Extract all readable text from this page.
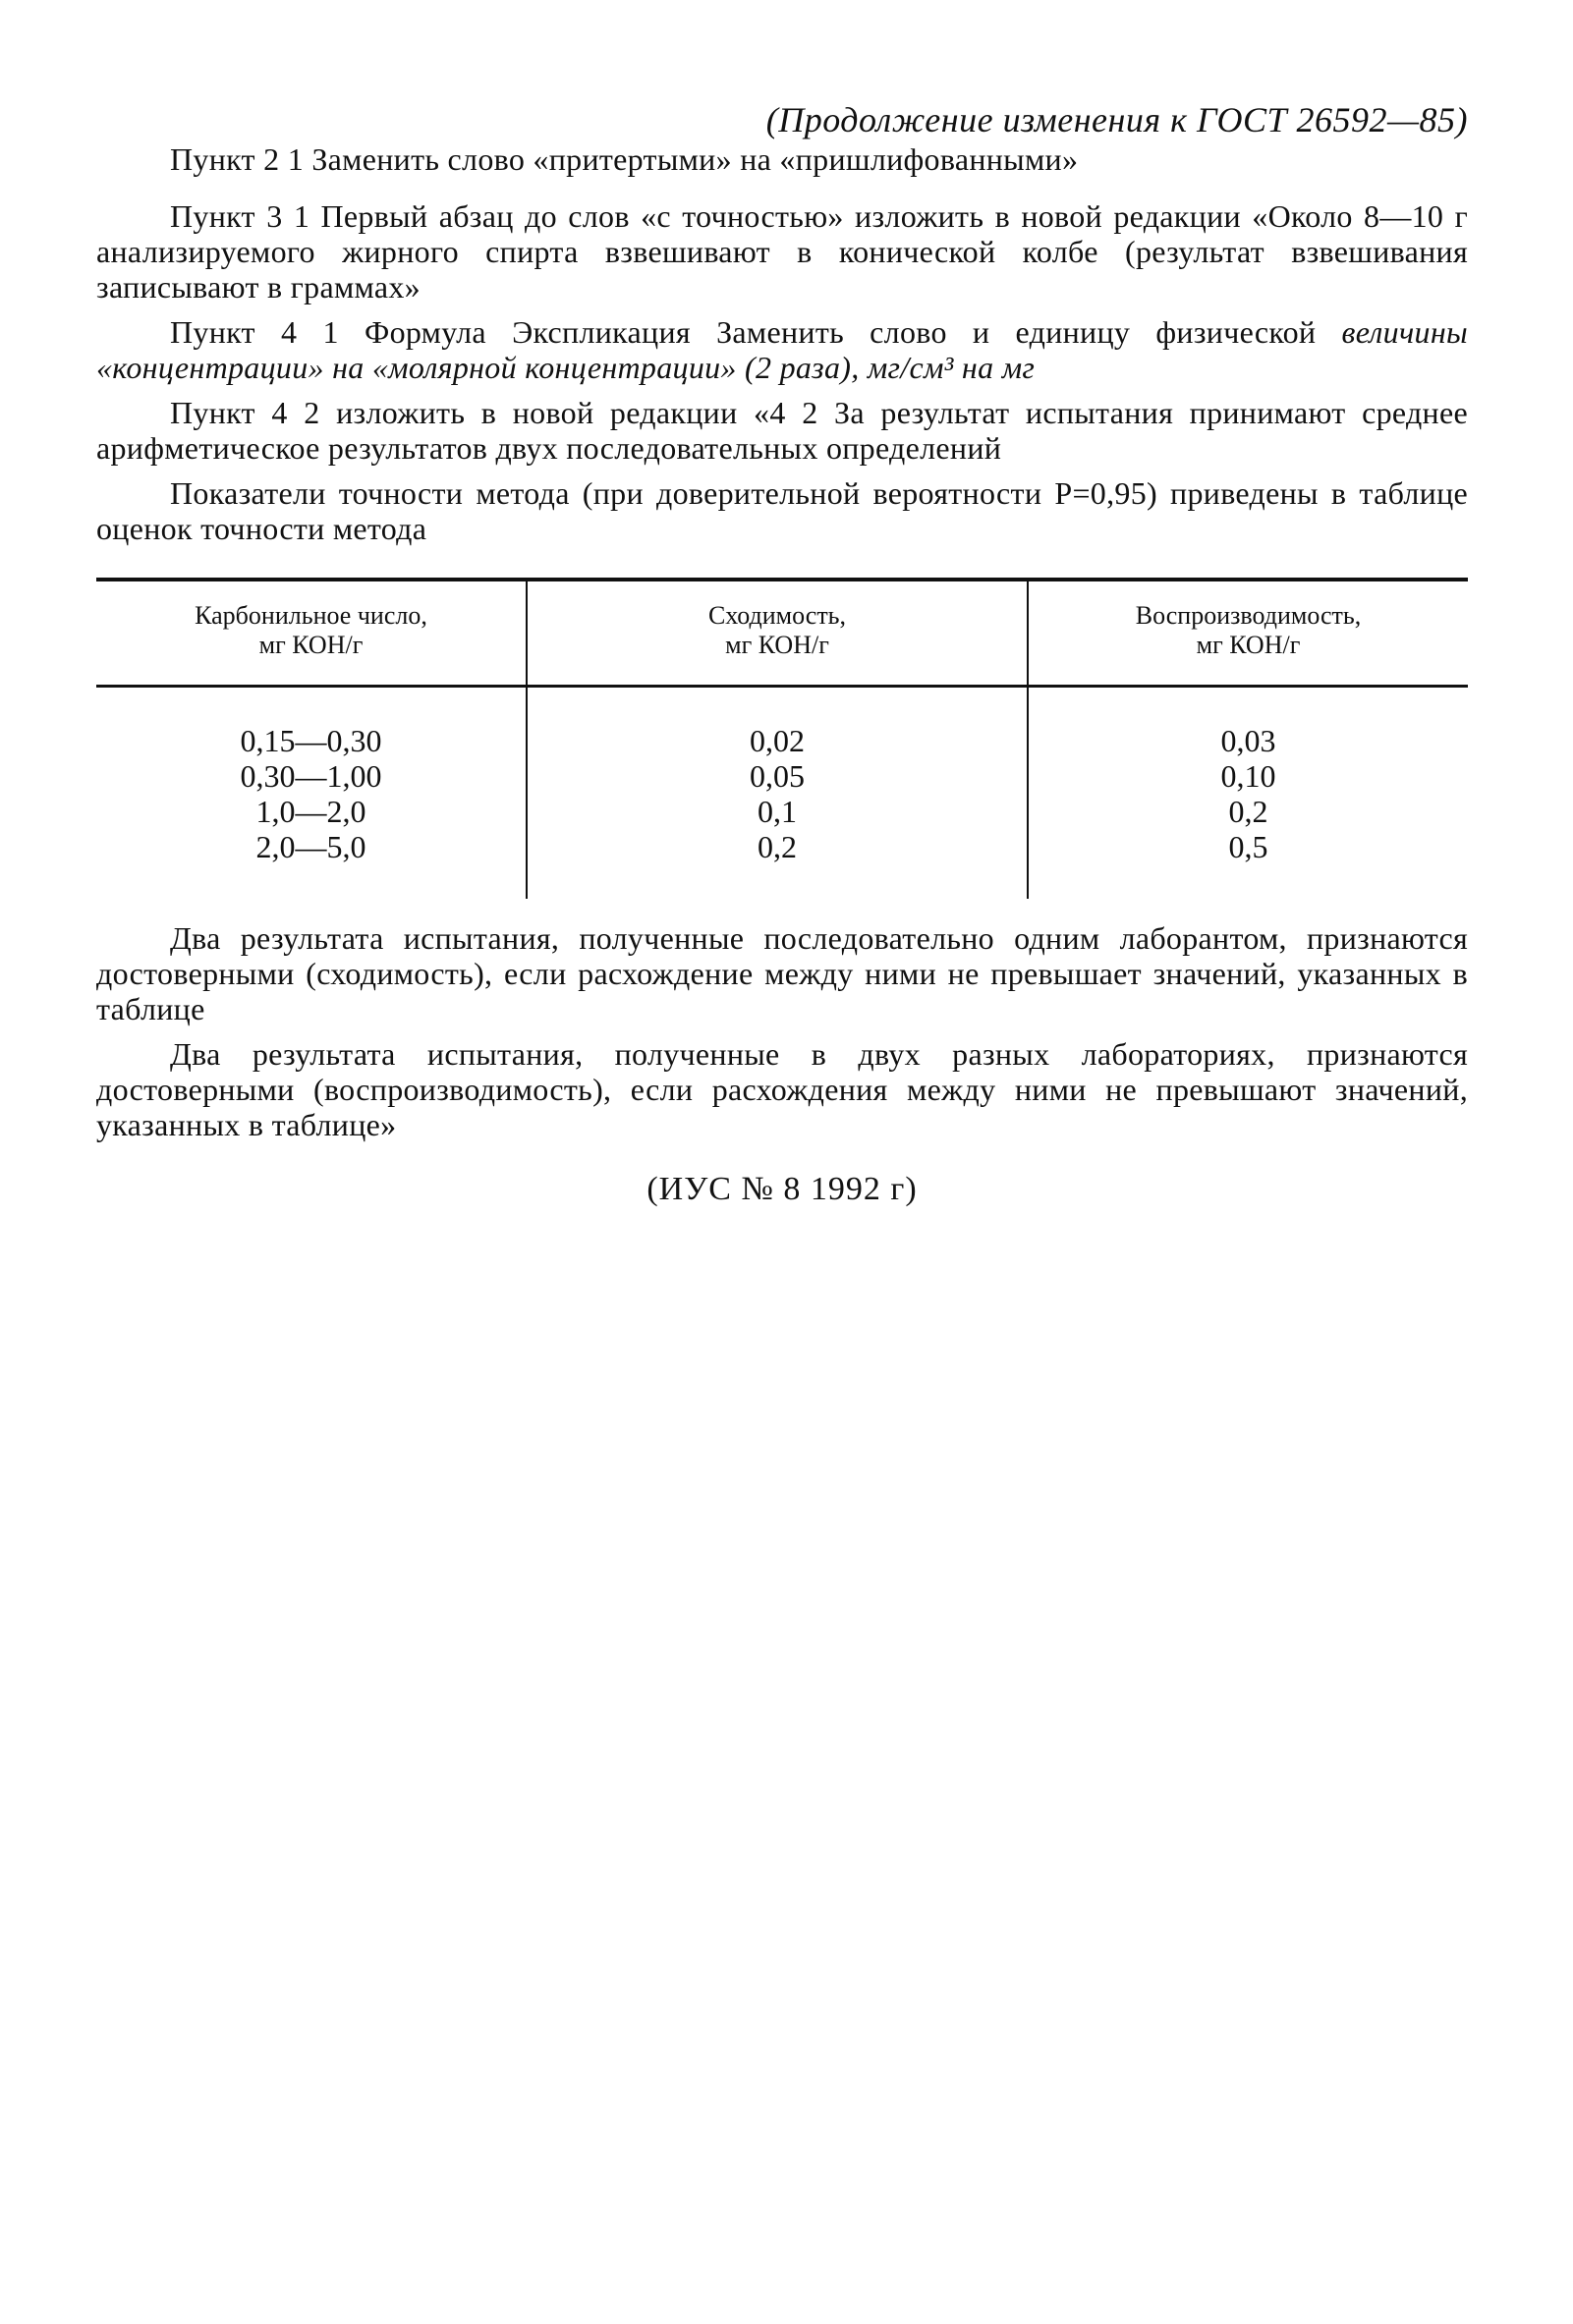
(Продолжение изменения к ГОСТ 26592—85)

Пункт 2 1 Заменить слово «притертыми» на «пришлифованными»

Пункт 3 1 Первый абзац до слов «с точностью» изложить в новой редакции «Около 8—10 г анализируемого жирного спирта взвешивают в конической колбе (результат взвешивания записывают в граммах»

Пункт 4 1 Формула Экспликация Заменить слово и единицу физической величины «концентрации» на «молярной концентрации» (2 раза), мг/см³ на мг

Пункт 4 2 изложить в новой редакции «4 2 За результат испытания принимают среднее арифметическое результатов двух последовательных определений

Показатели точности метода (при доверительной вероятности P=0,95) приведены в таблице оценок точности метода

Карбонильное число,
мг КОН/г
Сходимость,
мг КОН/г
Воспроизводимость,
мг КОН/г
0,15—0,30
0,30—1,00
1,0—2,0
2,0—5,0
0,02
0,05
0,1
0,2
0,03
0,10
0,2
0,5

Два результата испытания, полученные последовательно одним лаборантом, признаются достоверными (сходимость), если расхождение между ними не превышает значений, указанных в таблице

Два результата испытания, полученные в двух разных лабораториях, признаются достоверными (воспроизводимость), если расхождения между ними не превышают значений, указанных в таблице»

(ИУС № 8 1992 г)
